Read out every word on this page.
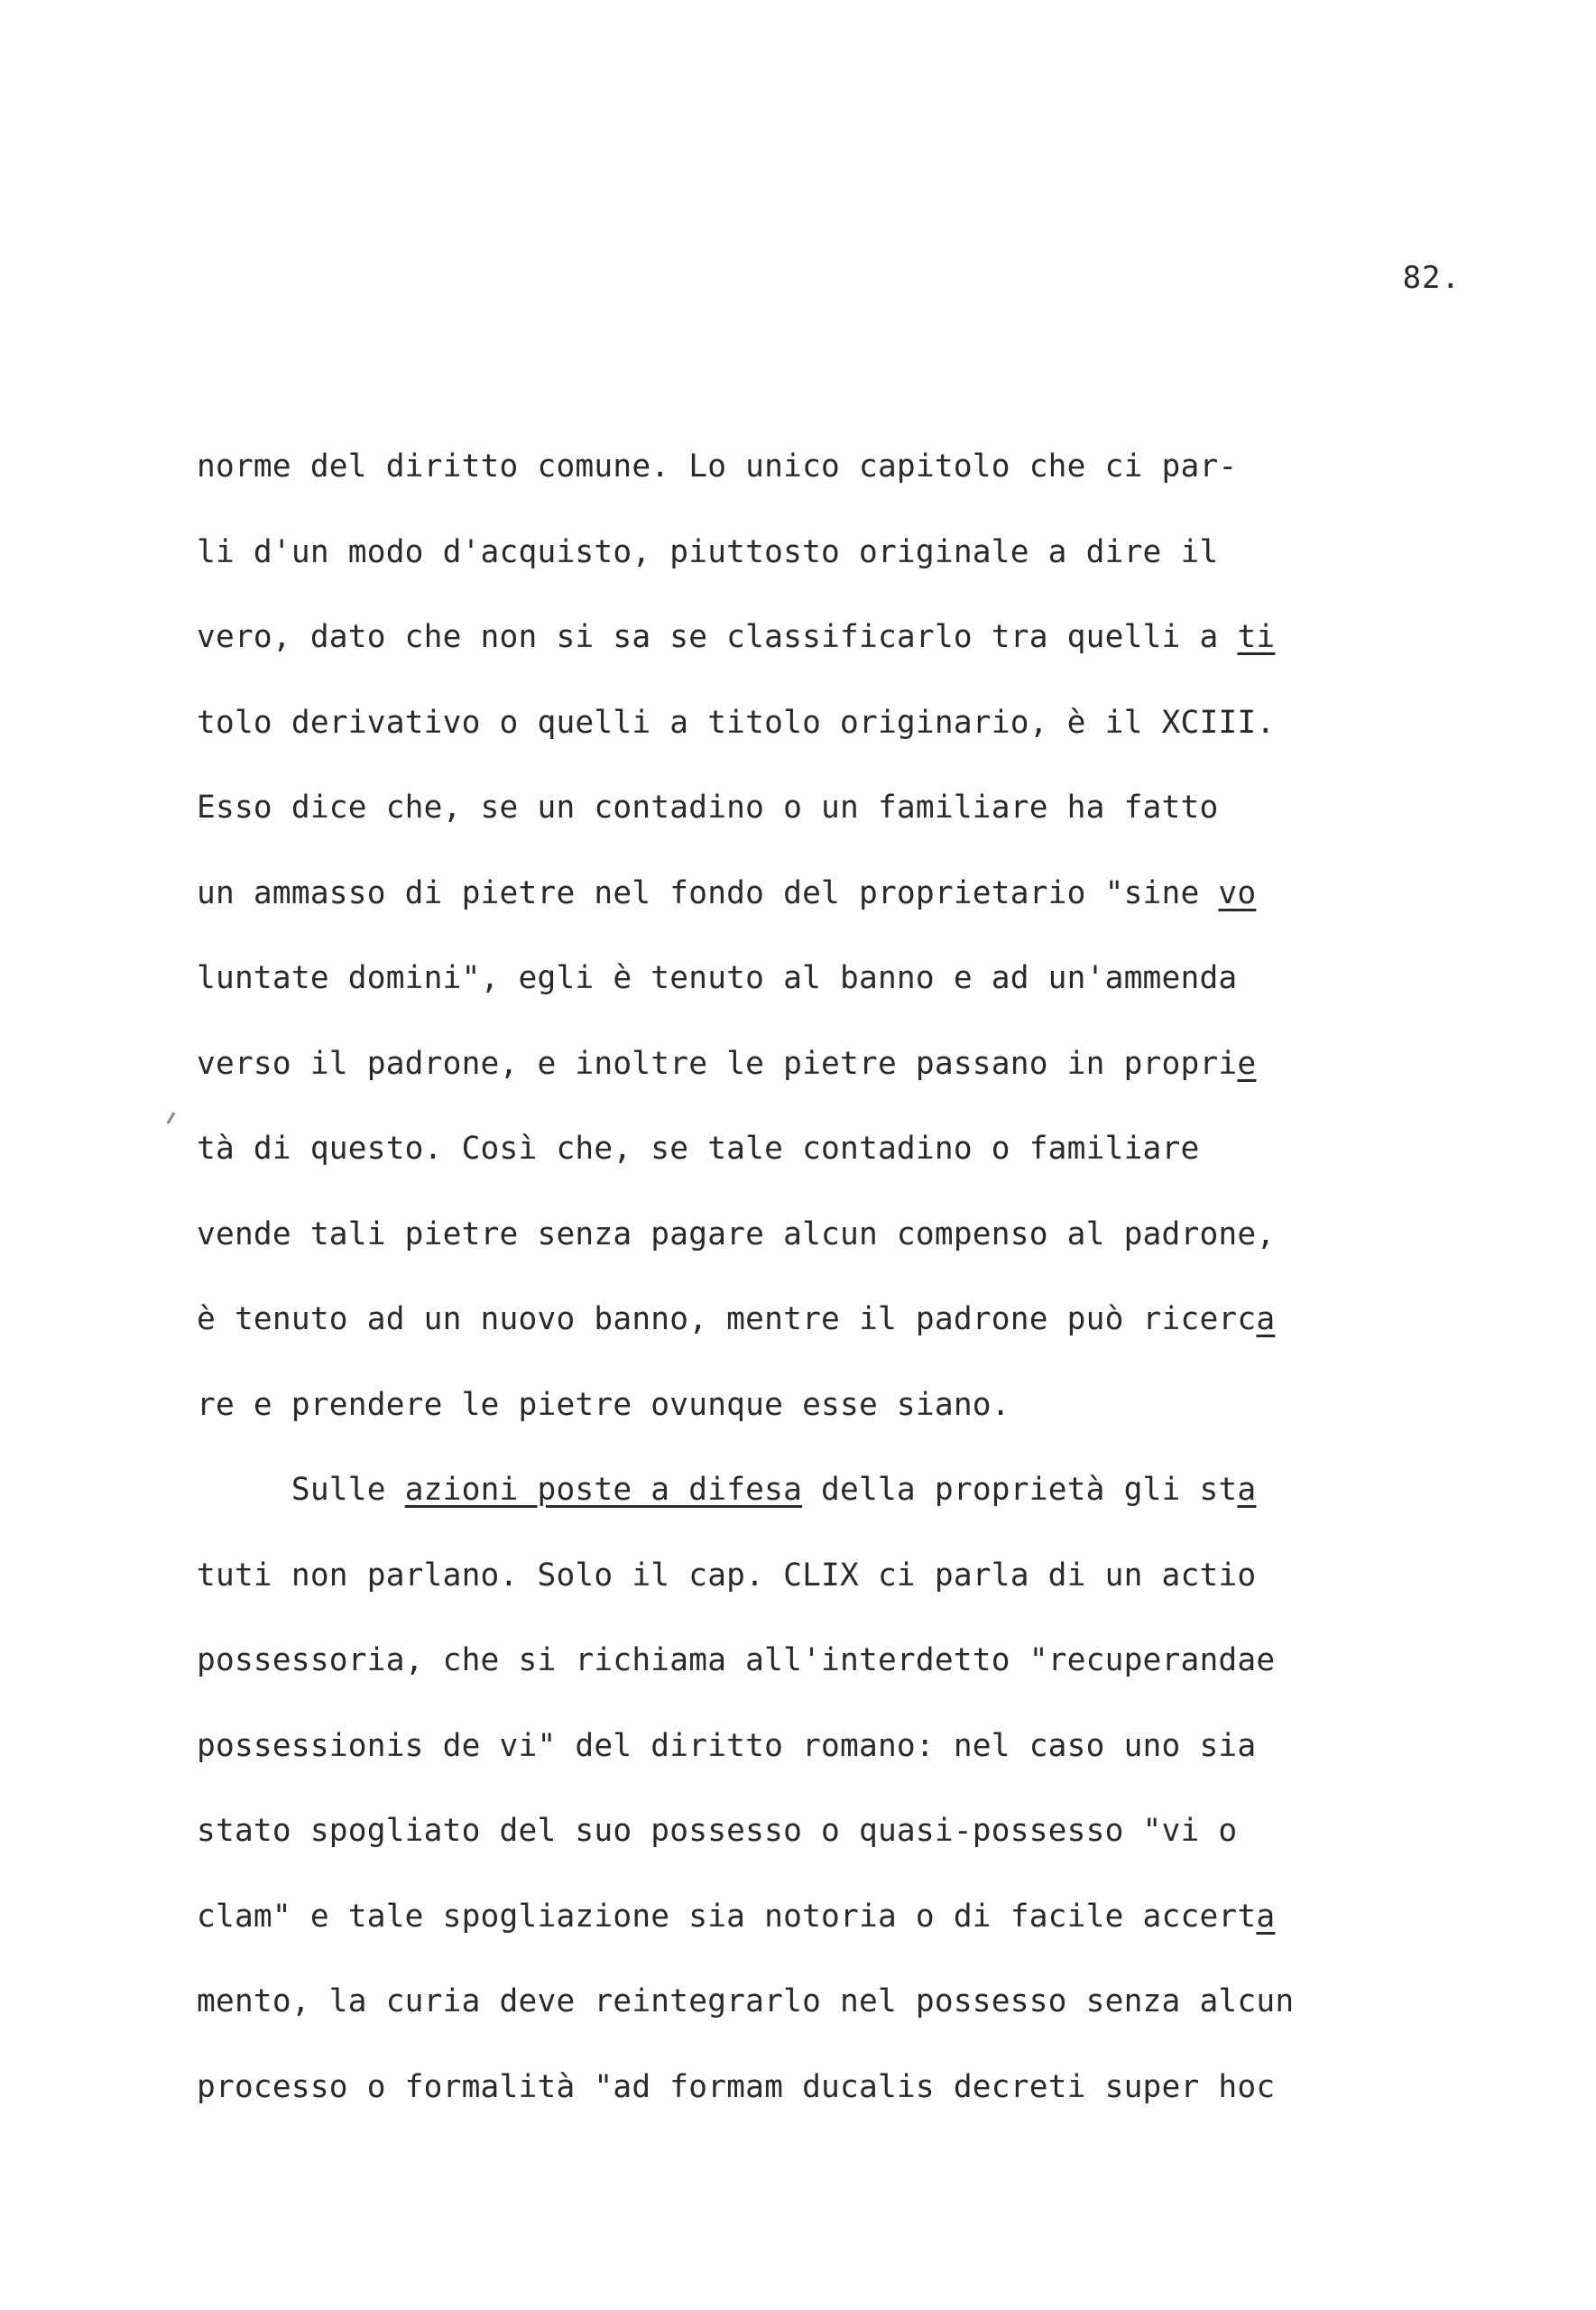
82.
norme del diritto comune. Lo unico capitolo che ci par-
li d'un modo d'acquisto, piuttosto originale a dire il
vero, dato che non si sa se classificarlo tra quelli a ti
tolo derivativo o quelli a titolo originario, è il XCIII.
Esso dice che, se un contadino o un familiare ha fatto
un ammasso di pietre nel fondo del proprietario "sine vo
luntate domini", egli è tenuto al banno e ad un'ammenda
verso il padrone, e inoltre le pietre passano in proprie
tà di questo. Così che, se tale contadino o familiare
vende tali pietre senza pagare alcun compenso al padrone,
è tenuto ad un nuovo banno, mentre il padrone può ricerca
re e prendere le pietre ovunque esse siano.
Sulle azioni poste a difesa della proprietà gli sta
tuti non parlano. Solo il cap. CLIX ci parla di un actio
possessoria, che si richiama all'interdetto "recuperandae
possessionis de vi" del diritto romano: nel caso uno sia
stato spogliato del suo possesso o quasi-possesso "vi o
clam" e tale spogliazione sia notoria o di facile accerta
mento, la curia deve reintegrarlo nel possesso senza alcun
processo o formalità "ad formam ducalis decreti super hoc
